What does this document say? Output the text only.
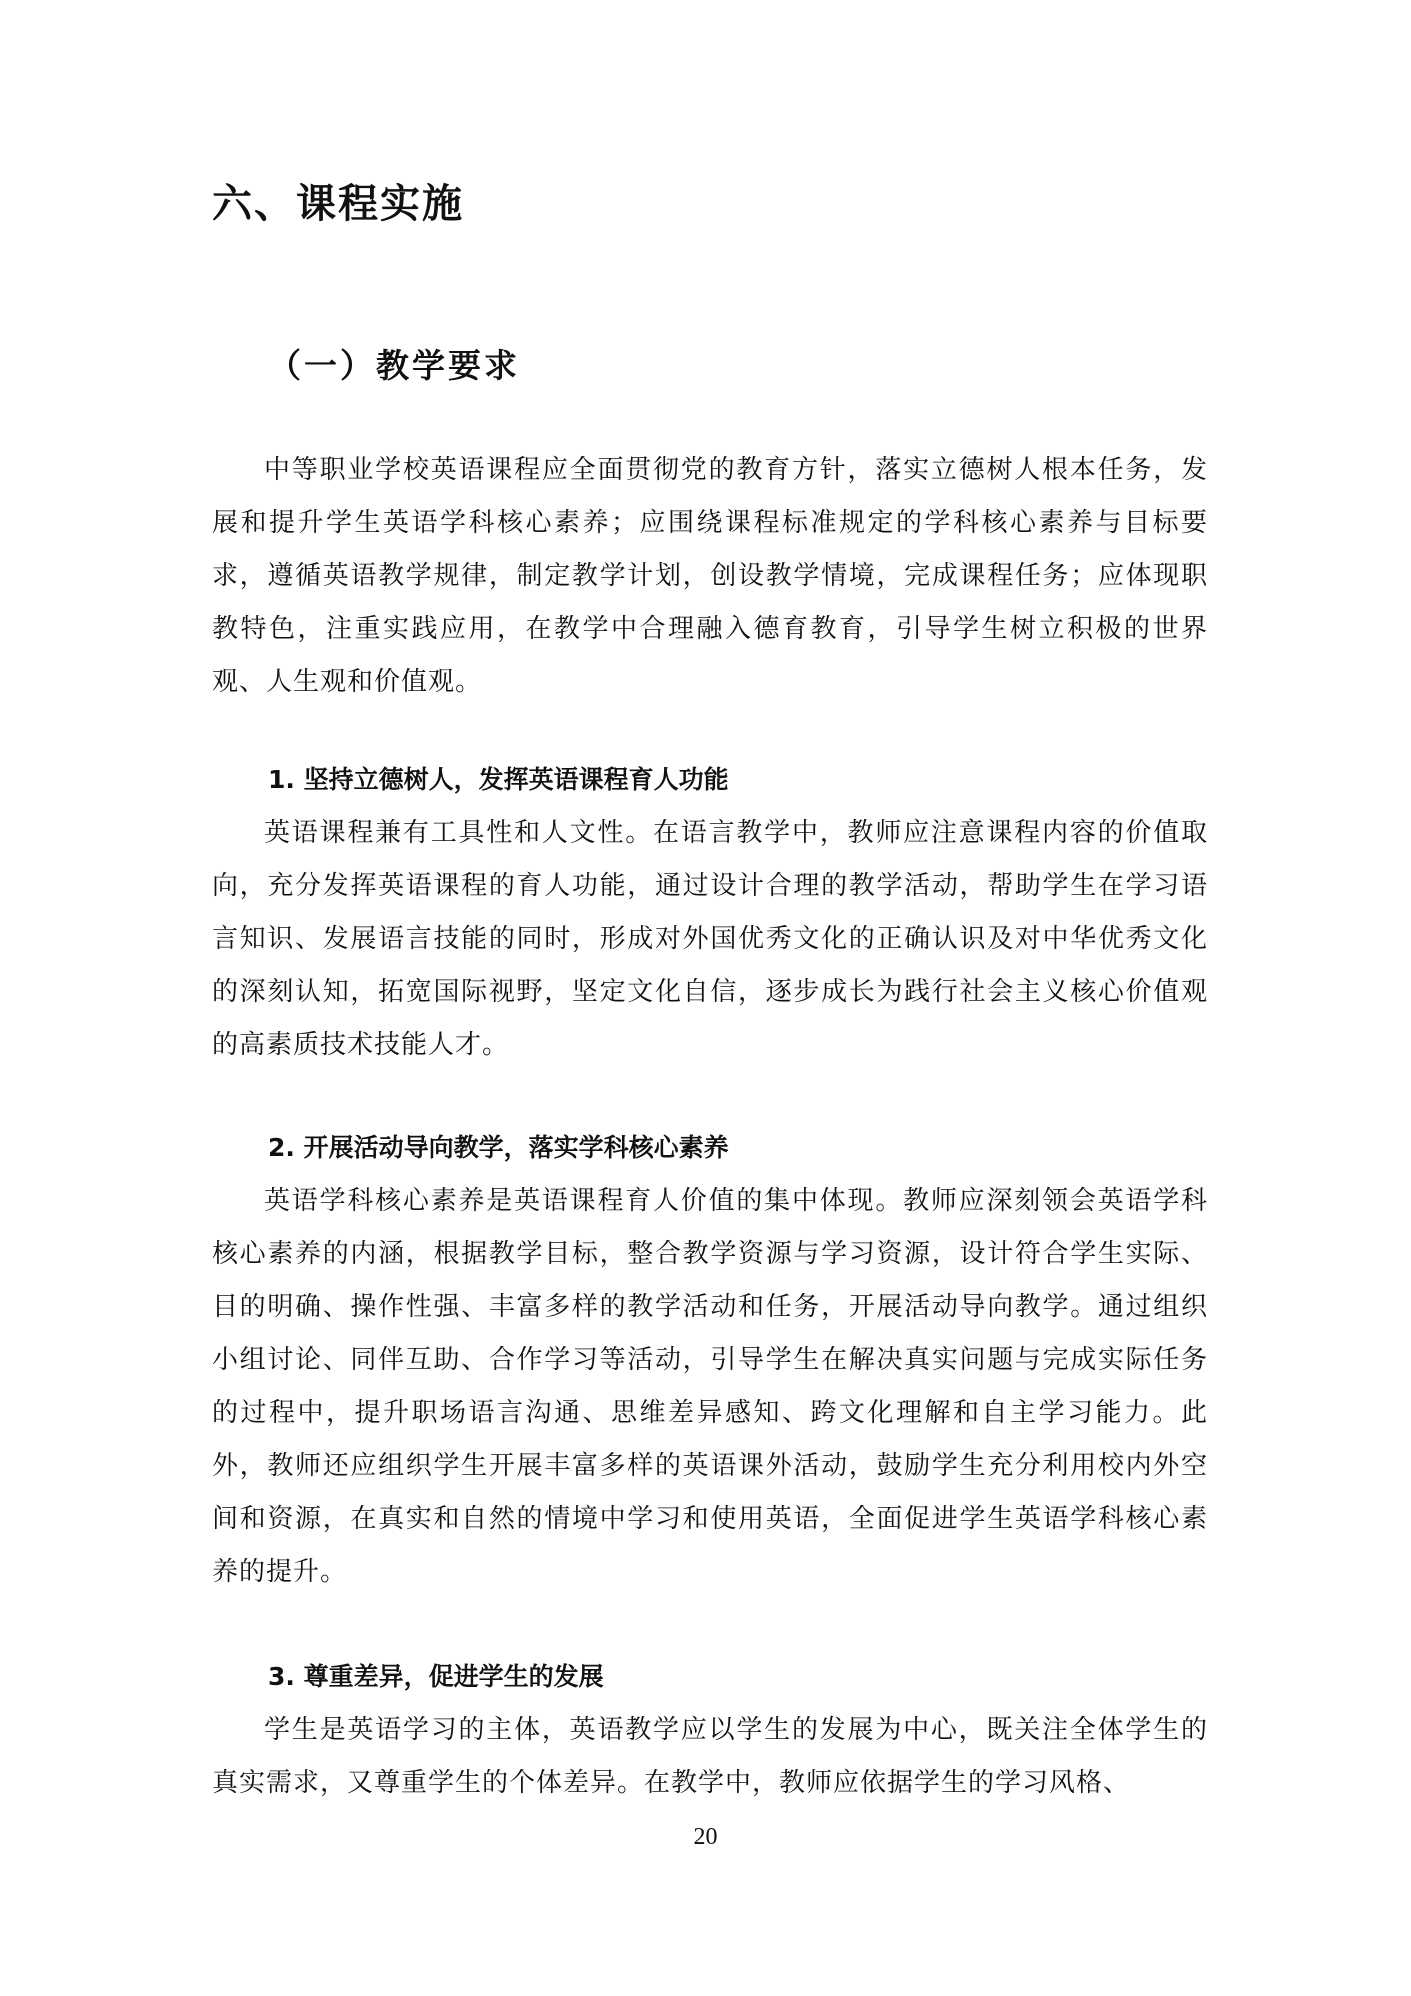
六、课程实施
（一）教学要求

中等职业学校英语课程应全面贯彻党的教育方针，落实立德树人根本任务，发展和提升学生英语学科核心素养；应围绕课程标准规定的学科核心素养与目标要求，遵循英语教学规律，制定教学计划，创设教学情境，完成课程任务；应体现职教特色，注重实践应用，在教学中合理融入德育教育，引导学生树立积极的世界观、人生观和价值观。

1. 坚持立德树人，发挥英语课程育人功能

英语课程兼有工具性和人文性。在语言教学中，教师应注意课程内容的价值取向，充分发挥英语课程的育人功能，通过设计合理的教学活动，帮助学生在学习语言知识、发展语言技能的同时，形成对外国优秀文化的正确认识及对中华优秀文化的深刻认知，拓宽国际视野，坚定文化自信，逐步成长为践行社会主义核心价值观的高素质技术技能人才。

2. 开展活动导向教学，落实学科核心素养

英语学科核心素养是英语课程育人价值的集中体现。教师应深刻领会英语学科核心素养的内涵，根据教学目标，整合教学资源与学习资源，设计符合学生实际、目的明确、操作性强、丰富多样的教学活动和任务，开展活动导向教学。通过组织小组讨论、同伴互助、合作学习等活动，引导学生在解决真实问题与完成实际任务的过程中，提升职场语言沟通、思维差异感知、跨文化理解和自主学习能力。此外，教师还应组织学生开展丰富多样的英语课外活动，鼓励学生充分利用校内外空间和资源，在真实和自然的情境中学习和使用英语，全面促进学生英语学科核心素养的提升。

3. 尊重差异，促进学生的发展

学生是英语学习的主体，英语教学应以学生的发展为中心，既关注全体学生的真实需求，又尊重学生的个体差异。在教学中，教师应依据学生的学习风格、

20
